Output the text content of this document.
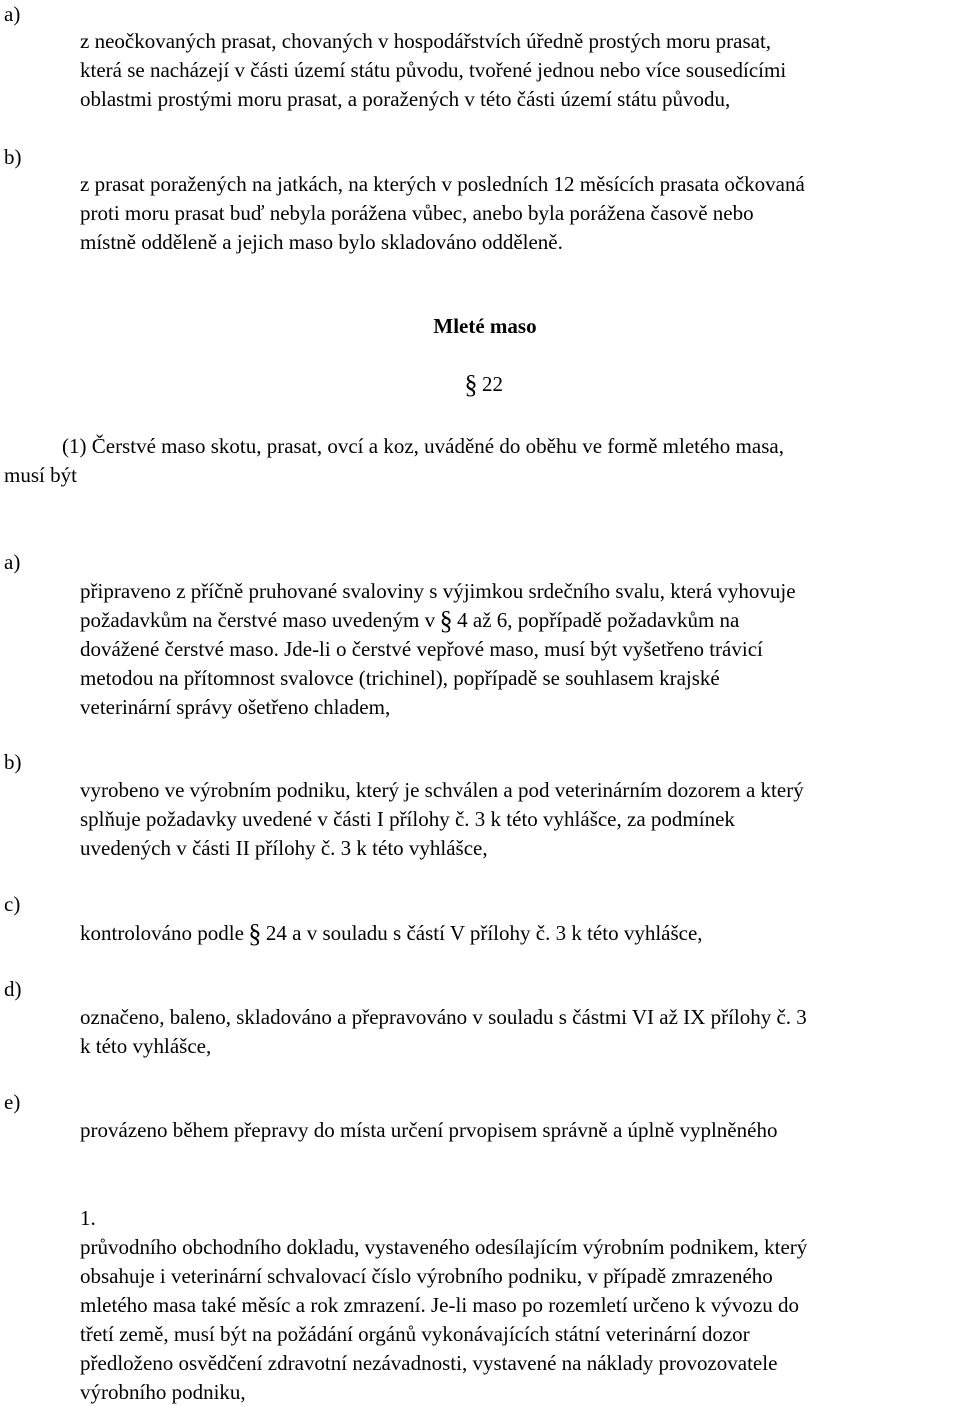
a)
z neočkovaných prasat, chovaných v hospodářstvích úředně prostých moru prasat,
která se nacházejí v části území státu původu, tvořené jednou nebo více sousedícími
oblastmi prostými moru prasat, a poražených v této části území státu původu,
b)
z prasat poražených na jatkách, na kterých v posledních 12 měsících prasata očkovaná
proti moru prasat buď nebyla porážena vůbec, anebo byla porážena časově nebo
místně odděleně a jejich maso bylo skladováno odděleně.
Mleté maso
§ 22
(1) Čerstvé maso skotu, prasat, ovcí a koz, uváděné do oběhu ve formě mletého masa,
musí být
a)
připraveno z příčně pruhované svaloviny s výjimkou srdečního svalu, která vyhovuje
požadavkům na čerstvé maso uvedeným v § 4 až 6, popřípadě požadavkům na
dovážené čerstvé maso. Jde-li o čerstvé vepřové maso, musí být vyšetřeno trávicí
metodou na přítomnost svalovce (trichinel), popřípadě se souhlasem krajské
veterinární správy ošetřeno chladem,
b)
vyrobeno ve výrobním podniku, který je schválen a pod veterinárním dozorem a který
splňuje požadavky uvedené v části I přílohy č. 3 k této vyhlášce, za podmínek
uvedených v části II přílohy č. 3 k této vyhlášce,
c)
kontrolováno podle § 24 a v souladu s částí V přílohy č. 3 k této vyhlášce,
d)
označeno, baleno, skladováno a přepravováno v souladu s částmi VI až IX přílohy č. 3
k této vyhlášce,
e)
provázeno během přepravy do místa určení prvopisem správně a úplně vyplněného
1.
průvodního obchodního dokladu, vystaveného odesílajícím výrobním podnikem, který
obsahuje i veterinární schvalovací číslo výrobního podniku, v případě zmrazeného
mletého masa také měsíc a rok zmrazení. Je-li maso po rozemletí určeno k vývozu do
třetí země, musí být na požádání orgánů vykonávajících státní veterinární dozor
předloženo osvědčení zdravotní nezávadnosti, vystavené na náklady provozovatele
výrobního podniku,
